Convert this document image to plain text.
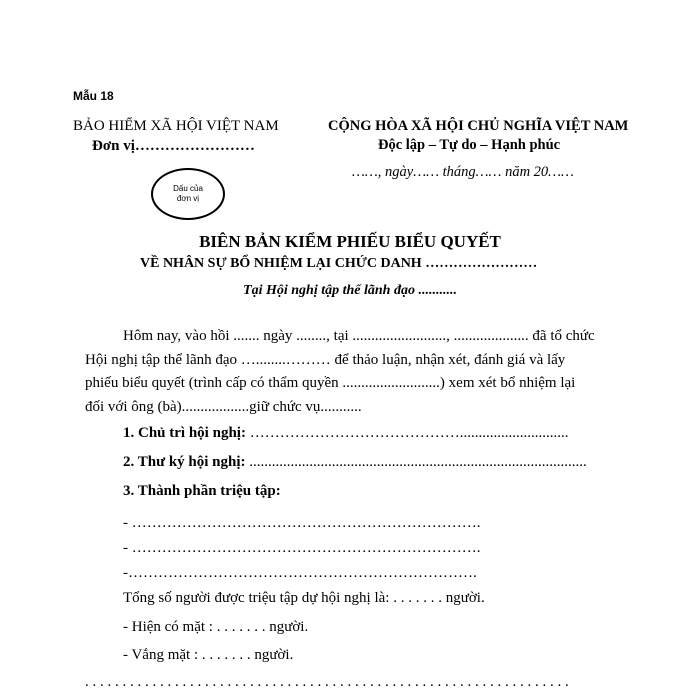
Mẫu 18
BẢO HIỂM XÃ HỘI VIỆT NAM
Đơn vị……………………
CỘNG HÒA XÃ HỘI CHỦ NGHĨA VIỆT NAM
Độc lập – Tự do – Hạnh phúc
……, ngày…… tháng…… năm 20……
Dấu của
đơn vị
BIÊN BẢN KIỂM PHIẾU BIỂU QUYẾT
VỀ NHÂN SỰ BỔ NHIỆM LẠI CHỨC DANH ……………………
Tại Hội nghị tập thể lãnh đạo ...........
Hôm nay, vào hồi ....... ngày ........, tại ........................., .................... đã tổ chức
Hội nghị tập thể lãnh đạo …........……… để thảo luận, nhận xét, đánh giá và lấy
phiếu biểu quyết (trình cấp có thẩm quyền ..........................) xem xét bổ nhiệm lại
đối với ông (bà)..................giữ chức vụ...........
1. Chủ trì hội nghị: …………………………………….............................
2. Thư ký hội nghị: ..........................................................................................
3. Thành phần triệu tập:
- …………………………………………………………….
- …………………………………………………………….
-…………………………………………………………….
Tổng số người được triệu tập dự hội nghị là: . . . . . . . người.
- Hiện có mặt : . . . . . . . người.
- Vắng mặt : . . . . . . . người.
. . . . . . . . . . . . . . . . . . . . . . . . . . . . . . . . . . . . . . . . . . . . . . . . . . . . . . . . . . . . . . . . .
